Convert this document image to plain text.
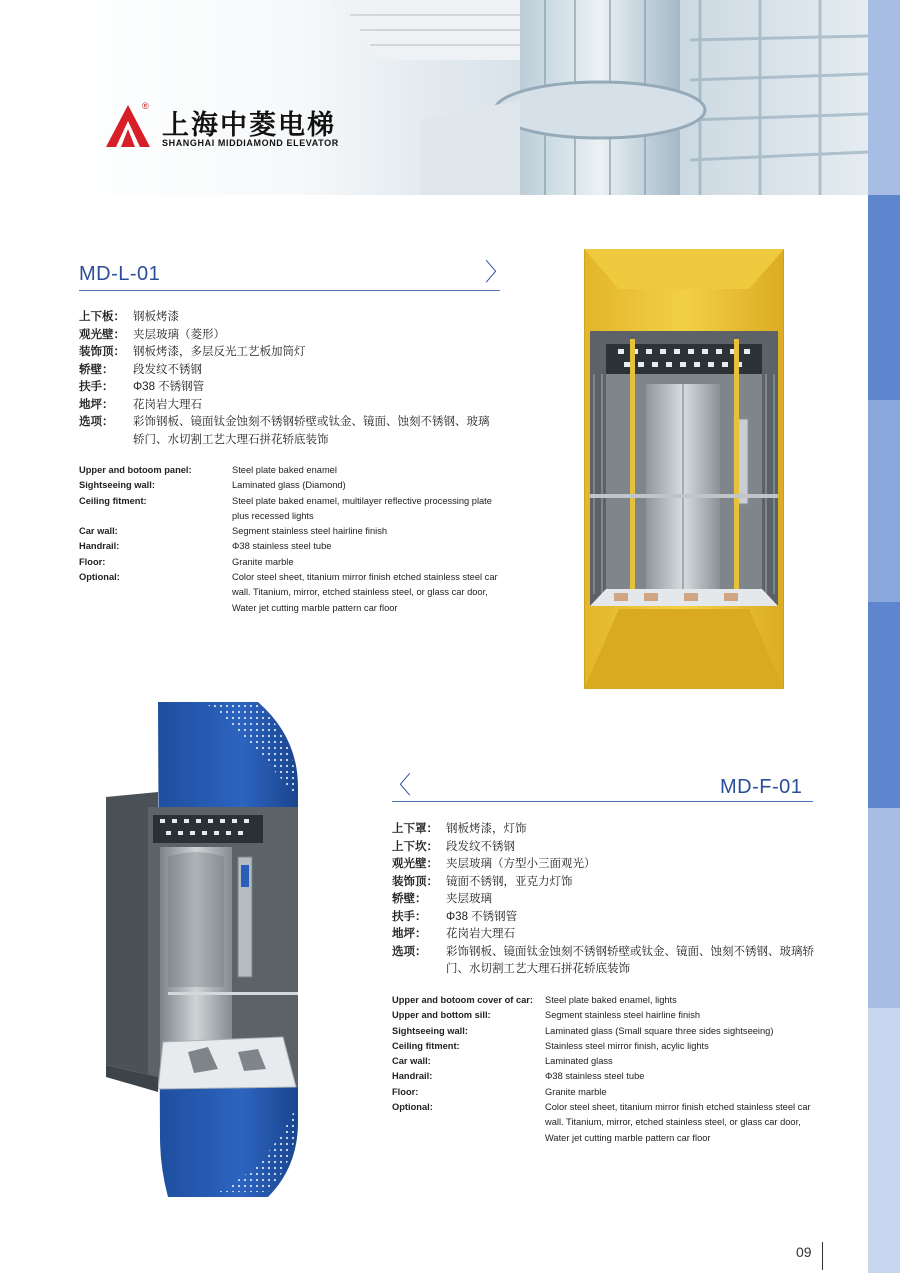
®
上海中菱电梯
SHANGHAI MIDDIAMOND ELEVATOR
MD-L-01	〉
上下板： 钢板烤漆
观光壁： 夹层玻璃（菱形）
装饰顶： 钢板烤漆，多层反光工艺板加筒灯
轿壁：	段发纹不锈钢
扶手：	Φ38 不锈钢管
地坪：	花岗岩大理石
选项：	彩饰钢板、镜面钛金蚀刻不锈钢轿壁或钛金、镜面、蚀刻不锈钢、玻璃轿门、水切割工艺大理石拼花轿底装饰
Upper and botoom panel:	Steel plate baked enamel
Sightseeing wall:	Laminated glass (Diamond)
Ceiling fitment:	Steel plate baked enamel, multilayer reflective processing plate plus recessed lights
Car wall:	Segment stainless steel hairline finish
Handrail:	Φ38 stainless steel tube
Floor:	Granite marble
Optional:	Color steel sheet, titanium mirror finish etched stainless steel car wall. Titanium, mirror, etched stainless steel, or glass car door, Water jet cutting marble pattern car floor
〈	MD-F-01
上下罩： 钢板烤漆，灯饰
上下坎： 段发纹不锈钢
观光壁： 夹层玻璃（方型小三面观光）
装饰顶： 镜面不锈钢，亚克力灯饰
轿壁：	夹层玻璃
扶手：	Φ38 不锈钢管
地坪：	花岗岩大理石
选项：	彩饰钢板、镜面钛金蚀刻不锈钢轿壁或钛金、镜面、蚀刻不锈钢、玻璃轿门、水切割工艺大理石拼花轿底装饰
Upper and botoom cover of car:	Steel plate baked enamel, lights
Upper and bottom sill:	Segment stainless steel hairline finish
Sightseeing wall:	Laminated glass (Small square three sides sightseeing)
Ceiling fitment:	Stainless steel mirror finish, acylic lights
Car wall:	Laminated glass
Handrail:	Φ38 stainless steel tube
Floor:	Granite marble
Optional:	Color steel sheet, titanium mirror finish etched stainless steel car wall. Titanium, mirror, etched stainless steel, or glass car door, Water jet cutting marble pattern car floor
09
